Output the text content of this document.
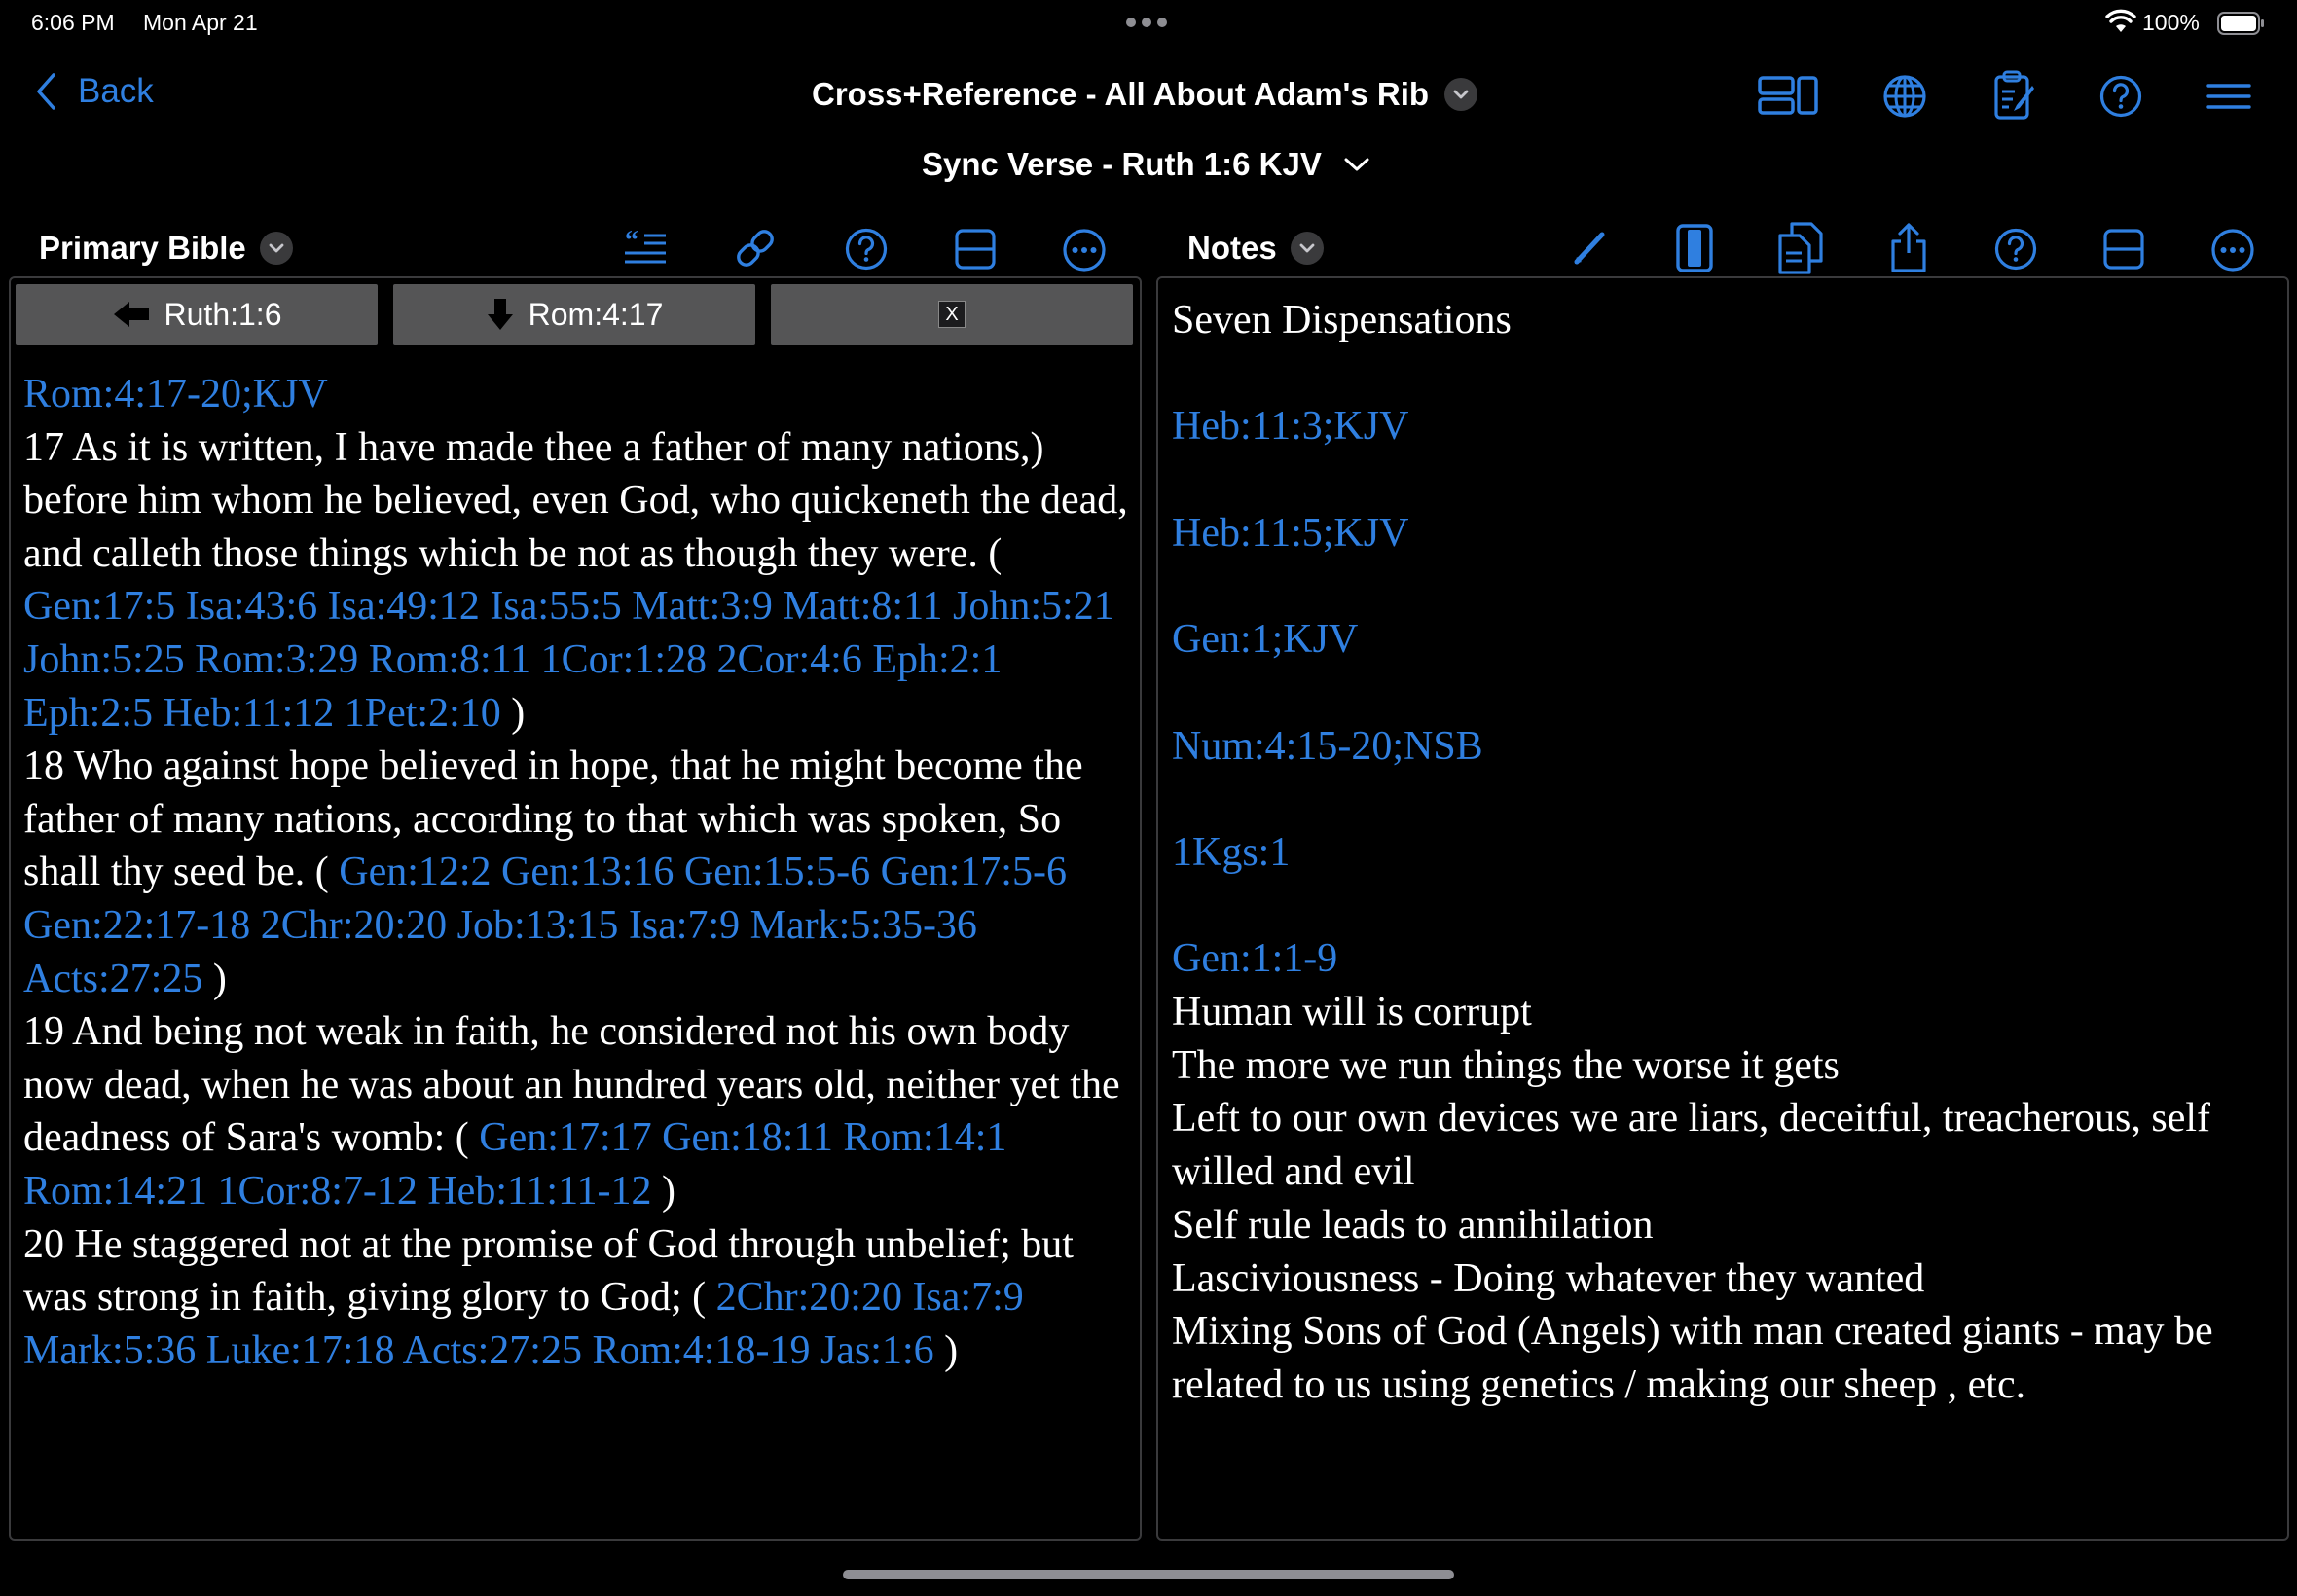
6:06 PM Mon Apr 21	100%
Back	Cross+Reference - All About Adam's Rib
Sync Verse - Ruth 1:6 KJV
Primary Bible	“	Notes
Ruth:1:6	Rom:4:17	X
Rom:4:17-20;KJV
17 As it is written, I have made thee a father of many nations,) before him whom he believed, even God, who quickeneth the dead, and calleth those things which be not as though they were. ( Gen:17:5 Isa:43:6 Isa:49:12 Isa:55:5 Matt:3:9 Matt:8:11 John:5:21 John:5:25 Rom:3:29 Rom:8:11 1Cor:1:28 2Cor:4:6 Eph:2:1 Eph:2:5 Heb:11:12 1Pet:2:10 )
18 Who against hope believed in hope, that he might become the father of many nations, according to that which was spoken, So shall thy seed be. ( Gen:12:2 Gen:13:16 Gen:15:5-6 Gen:17:5-6 Gen:22:17-18 2Chr:20:20 Job:13:15 Isa:7:9 Mark:5:35-36 Acts:27:25 )
19 And being not weak in faith, he considered not his own body now dead, when he was about an hundred years old, neither yet the deadness of Sara's womb: ( Gen:17:17 Gen:18:11 Rom:14:1 Rom:14:21 1Cor:8:7-12 Heb:11:11-12 )
20 He staggered not at the promise of God through unbelief; but was strong in faith, giving glory to God; ( 2Chr:20:20 Isa:7:9 Mark:5:36 Luke:17:18 Acts:27:25 Rom:4:18-19 Jas:1:6 )
Seven Dispensations
Heb:11:3;KJV
Heb:11:5;KJV
Gen:1;KJV
Num:4:15-20;NSB
1Kgs:1
Gen:1:1-9
Human will is corrupt
The more we run things the worse it gets
Left to our own devices we are liars, deceitful, treacherous, self willed and evil
Self rule leads to annihilation
Lasciviousness - Doing whatever they wanted
Mixing Sons of God (Angels) with man created giants - may be related to us using genetics / making our sheep , etc.
